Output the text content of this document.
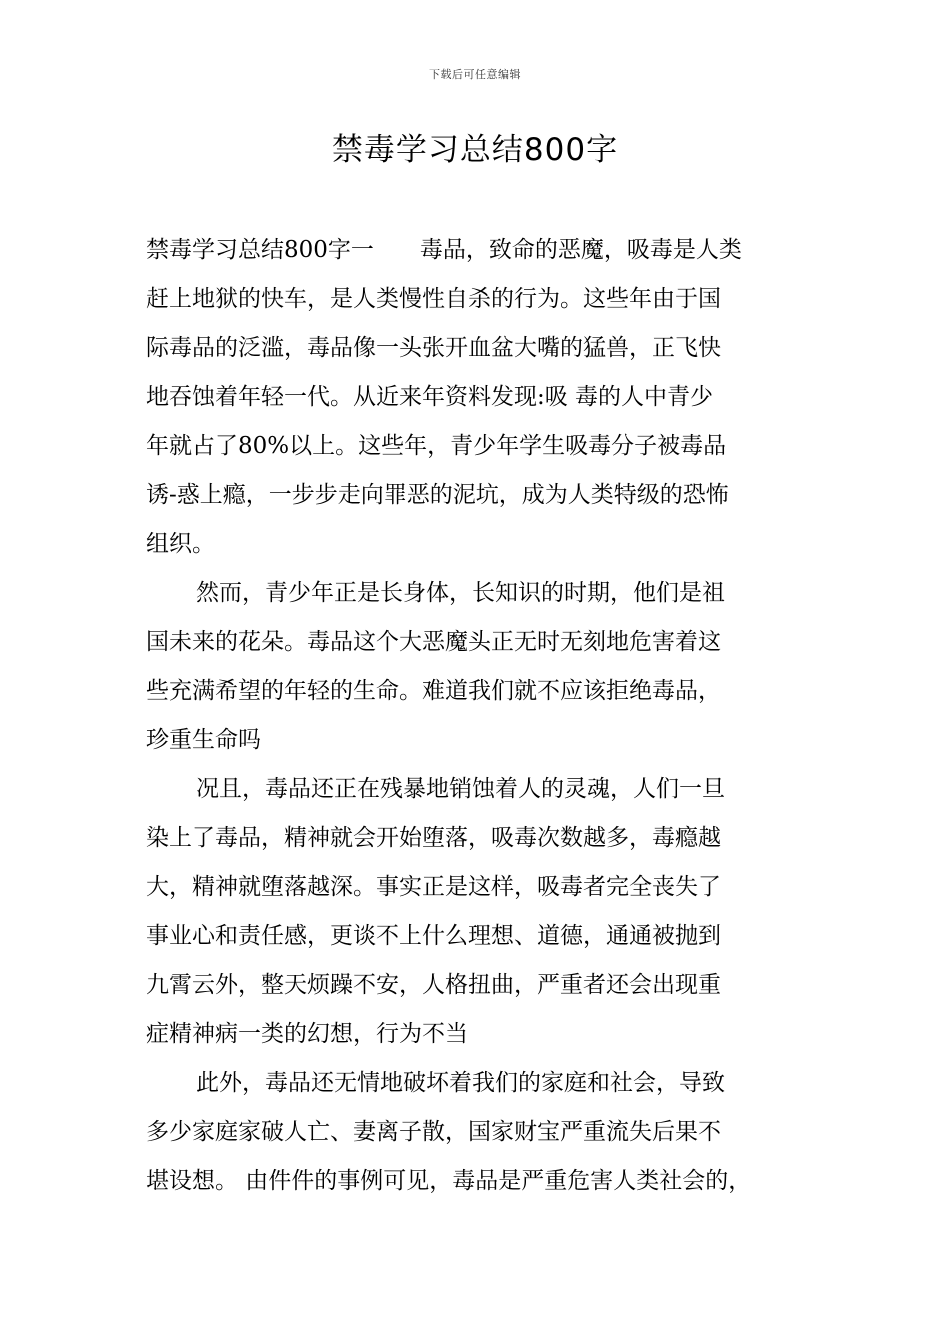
下载后可任意编辑
禁毒学习总结800字
禁毒学习总结800字一　　毒品，致命的恶魔，吸毒是人类
赶上地狱的快车，是人类慢性自杀的行为。这些年由于国
际毒品的泛滥，毒品像一头张开血盆大嘴的猛兽，正飞快
地吞蚀着年轻一代。从近来年资料发现:吸 毒的人中青少
年就占了80%以上。这些年，青少年学生吸毒分子被毒品
诱-惑上瘾，一步步走向罪恶的泥坑，成为人类特级的恐怖
组织。
然而，青少年正是长身体，长知识的时期，他们是祖
国未来的花朵。毒品这个大恶魔头正无时无刻地危害着这
些充满希望的年轻的生命。难道我们就不应该拒绝毒品，
珍重生命吗
况且，毒品还正在残暴地销蚀着人的灵魂，人们一旦
染上了毒品，精神就会开始堕落，吸毒次数越多，毒瘾越
大，精神就堕落越深。事实正是这样，吸毒者完全丧失了
事业心和责任感，更谈不上什么理想、道德，通通被抛到
九霄云外，整天烦躁不安，人格扭曲，严重者还会出现重
症精神病一类的幻想，行为不当
此外，毒品还无情地破坏着我们的家庭和社会，导致
多少家庭家破人亡、妻离子散，国家财宝严重流失后果不
堪设想。 由件件的事例可见，毒品是严重危害人类社会的，
